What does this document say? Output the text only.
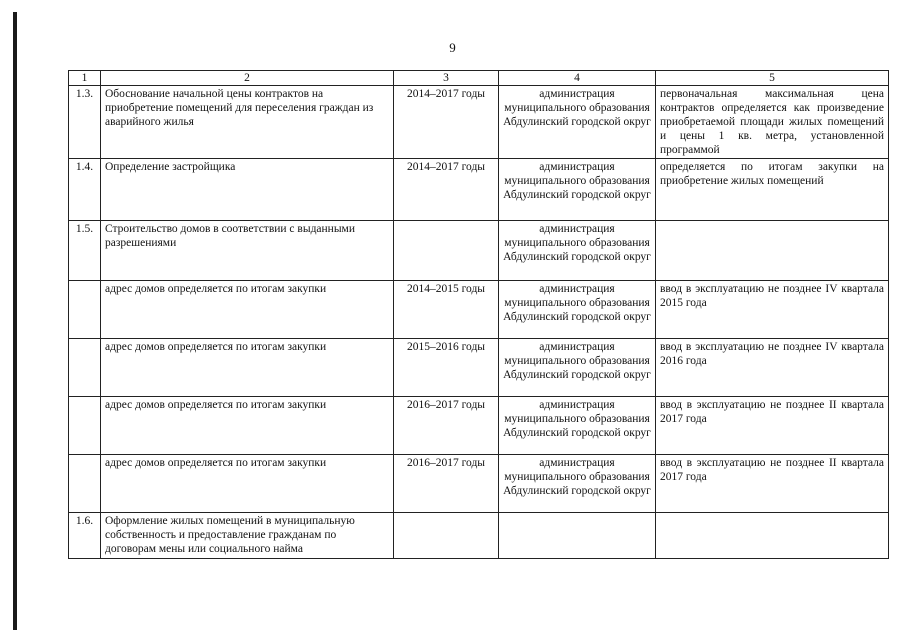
9
1	2	3	4	5
1.3.	Обоснование начальной цены контрактов на приобретение помещений для переселения граждан из аварийного жилья	2014–2017 годы	администрация муниципального образования Абдулинский городской округ	первоначальная максимальная цена контрактов определяется как произведение приобретаемой площади жилых помещений и цены 1 кв. метра, установленной программой
1.4.	Определение застройщика	2014–2017 годы	администрация муниципального образования Абдулинский городской округ	определяется по итогам закупки на приобретение жилых помещений
1.5.	Строительство домов в соответствии с выданными разрешениями		администрация муниципального образования Абдулинский городской округ	
	адрес домов определяется по итогам закупки	2014–2015 годы	администрация муниципального образования Абдулинский городской округ	ввод в эксплуатацию не позднее IV квартала 2015 года
	адрес домов определяется по итогам закупки	2015–2016 годы	администрация муниципального образования Абдулинский городской округ	ввод в эксплуатацию не позднее IV квартала 2016 года
	адрес домов определяется по итогам закупки	2016–2017 годы	администрация муниципального образования Абдулинский городской округ	ввод в эксплуатацию не позднее II квартала 2017 года
	адрес домов определяется по итогам закупки	2016–2017 годы	администрация муниципального образования Абдулинский городской округ	ввод в эксплуатацию не позднее II квартала 2017 года
1.6.	Оформление жилых помещений в муниципальную собственность и предоставление гражданам по договорам мены или социального найма			
